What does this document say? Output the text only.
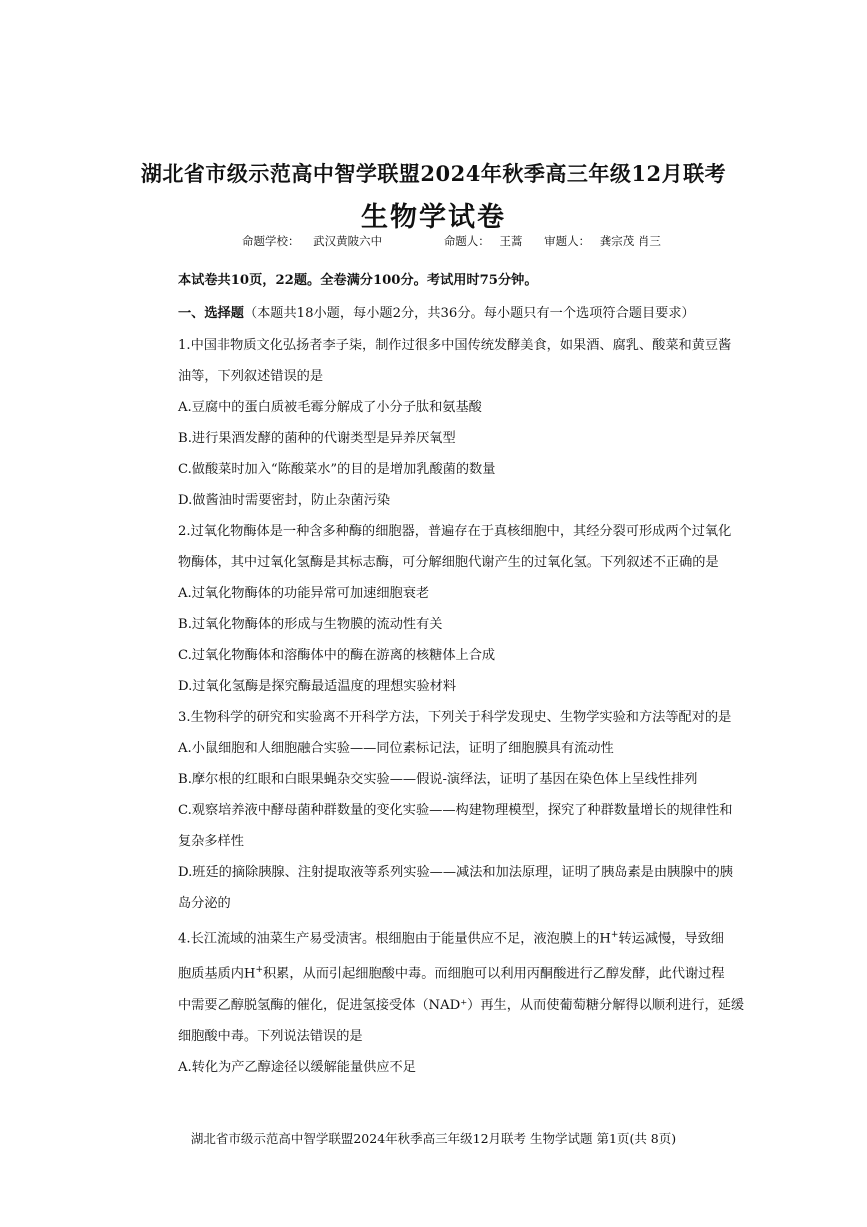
湖北省市级示范高中智学联盟2024年秋季高三年级12月联考
生物学试卷
命题学校： 武汉黄陂六中	命题人： 王蒿 审题人： 龚宗茂 肖三

本试卷共10页，22题。全卷满分100分。考试用时75分钟。

一、选择题（本题共18小题，每小题2分，共36分。每小题只有一个选项符合题目要求）

1.中国非物质文化弘扬者李子柒，制作过很多中国传统发酵美食，如果酒、腐乳、酸菜和黄豆酱

油等，下列叙述错误的是

A.豆腐中的蛋白质被毛霉分解成了小分子肽和氨基酸

B.进行果酒发酵的菌种的代谢类型是异养厌氧型

C.做酸菜时加入“陈酸菜水”的目的是增加乳酸菌的数量

D.做酱油时需要密封，防止杂菌污染

2.过氧化物酶体是一种含多种酶的细胞器，普遍存在于真核细胞中，其经分裂可形成两个过氧化

物酶体，其中过氧化氢酶是其标志酶，可分解细胞代谢产生的过氧化氢。下列叙述不正确的是

A.过氧化物酶体的功能异常可加速细胞衰老

B.过氧化物酶体的形成与生物膜的流动性有关

C.过氧化物酶体和溶酶体中的酶在游离的核糖体上合成

D.过氧化氢酶是探究酶最适温度的理想实验材料

3.生物科学的研究和实验离不开科学方法，下列关于科学发现史、生物学实验和方法等配对的是

A.小鼠细胞和人细胞融合实验——同位素标记法，证明了细胞膜具有流动性

B.摩尔根的红眼和白眼果蝇杂交实验——假说-演绎法，证明了基因在染色体上呈线性排列

C.观察培养液中酵母菌种群数量的变化实验——构建物理模型，探究了种群数量增长的规律性和

复杂多样性

D.班廷的摘除胰腺、注射提取液等系列实验——减法和加法原理，证明了胰岛素是由胰腺中的胰

岛分泌的

4.长江流域的油菜生产易受渍害。根细胞由于能量供应不足，液泡膜上的H+转运减慢，导致细

胞质基质内H+积累，从而引起细胞酸中毒。而细胞可以利用丙酮酸进行乙醇发酵，此代谢过程

中需要乙醇脱氢酶的催化，促进氢接受体（NAD⁺）再生，从而使葡萄糖分解得以顺利进行，延缓

细胞酸中毒。下列说法错误的是

A.转化为产乙醇途径以缓解能量供应不足

湖北省市级示范高中智学联盟2024年秋季高三年级12月联考 生物学试题 第1页(共 8页)
